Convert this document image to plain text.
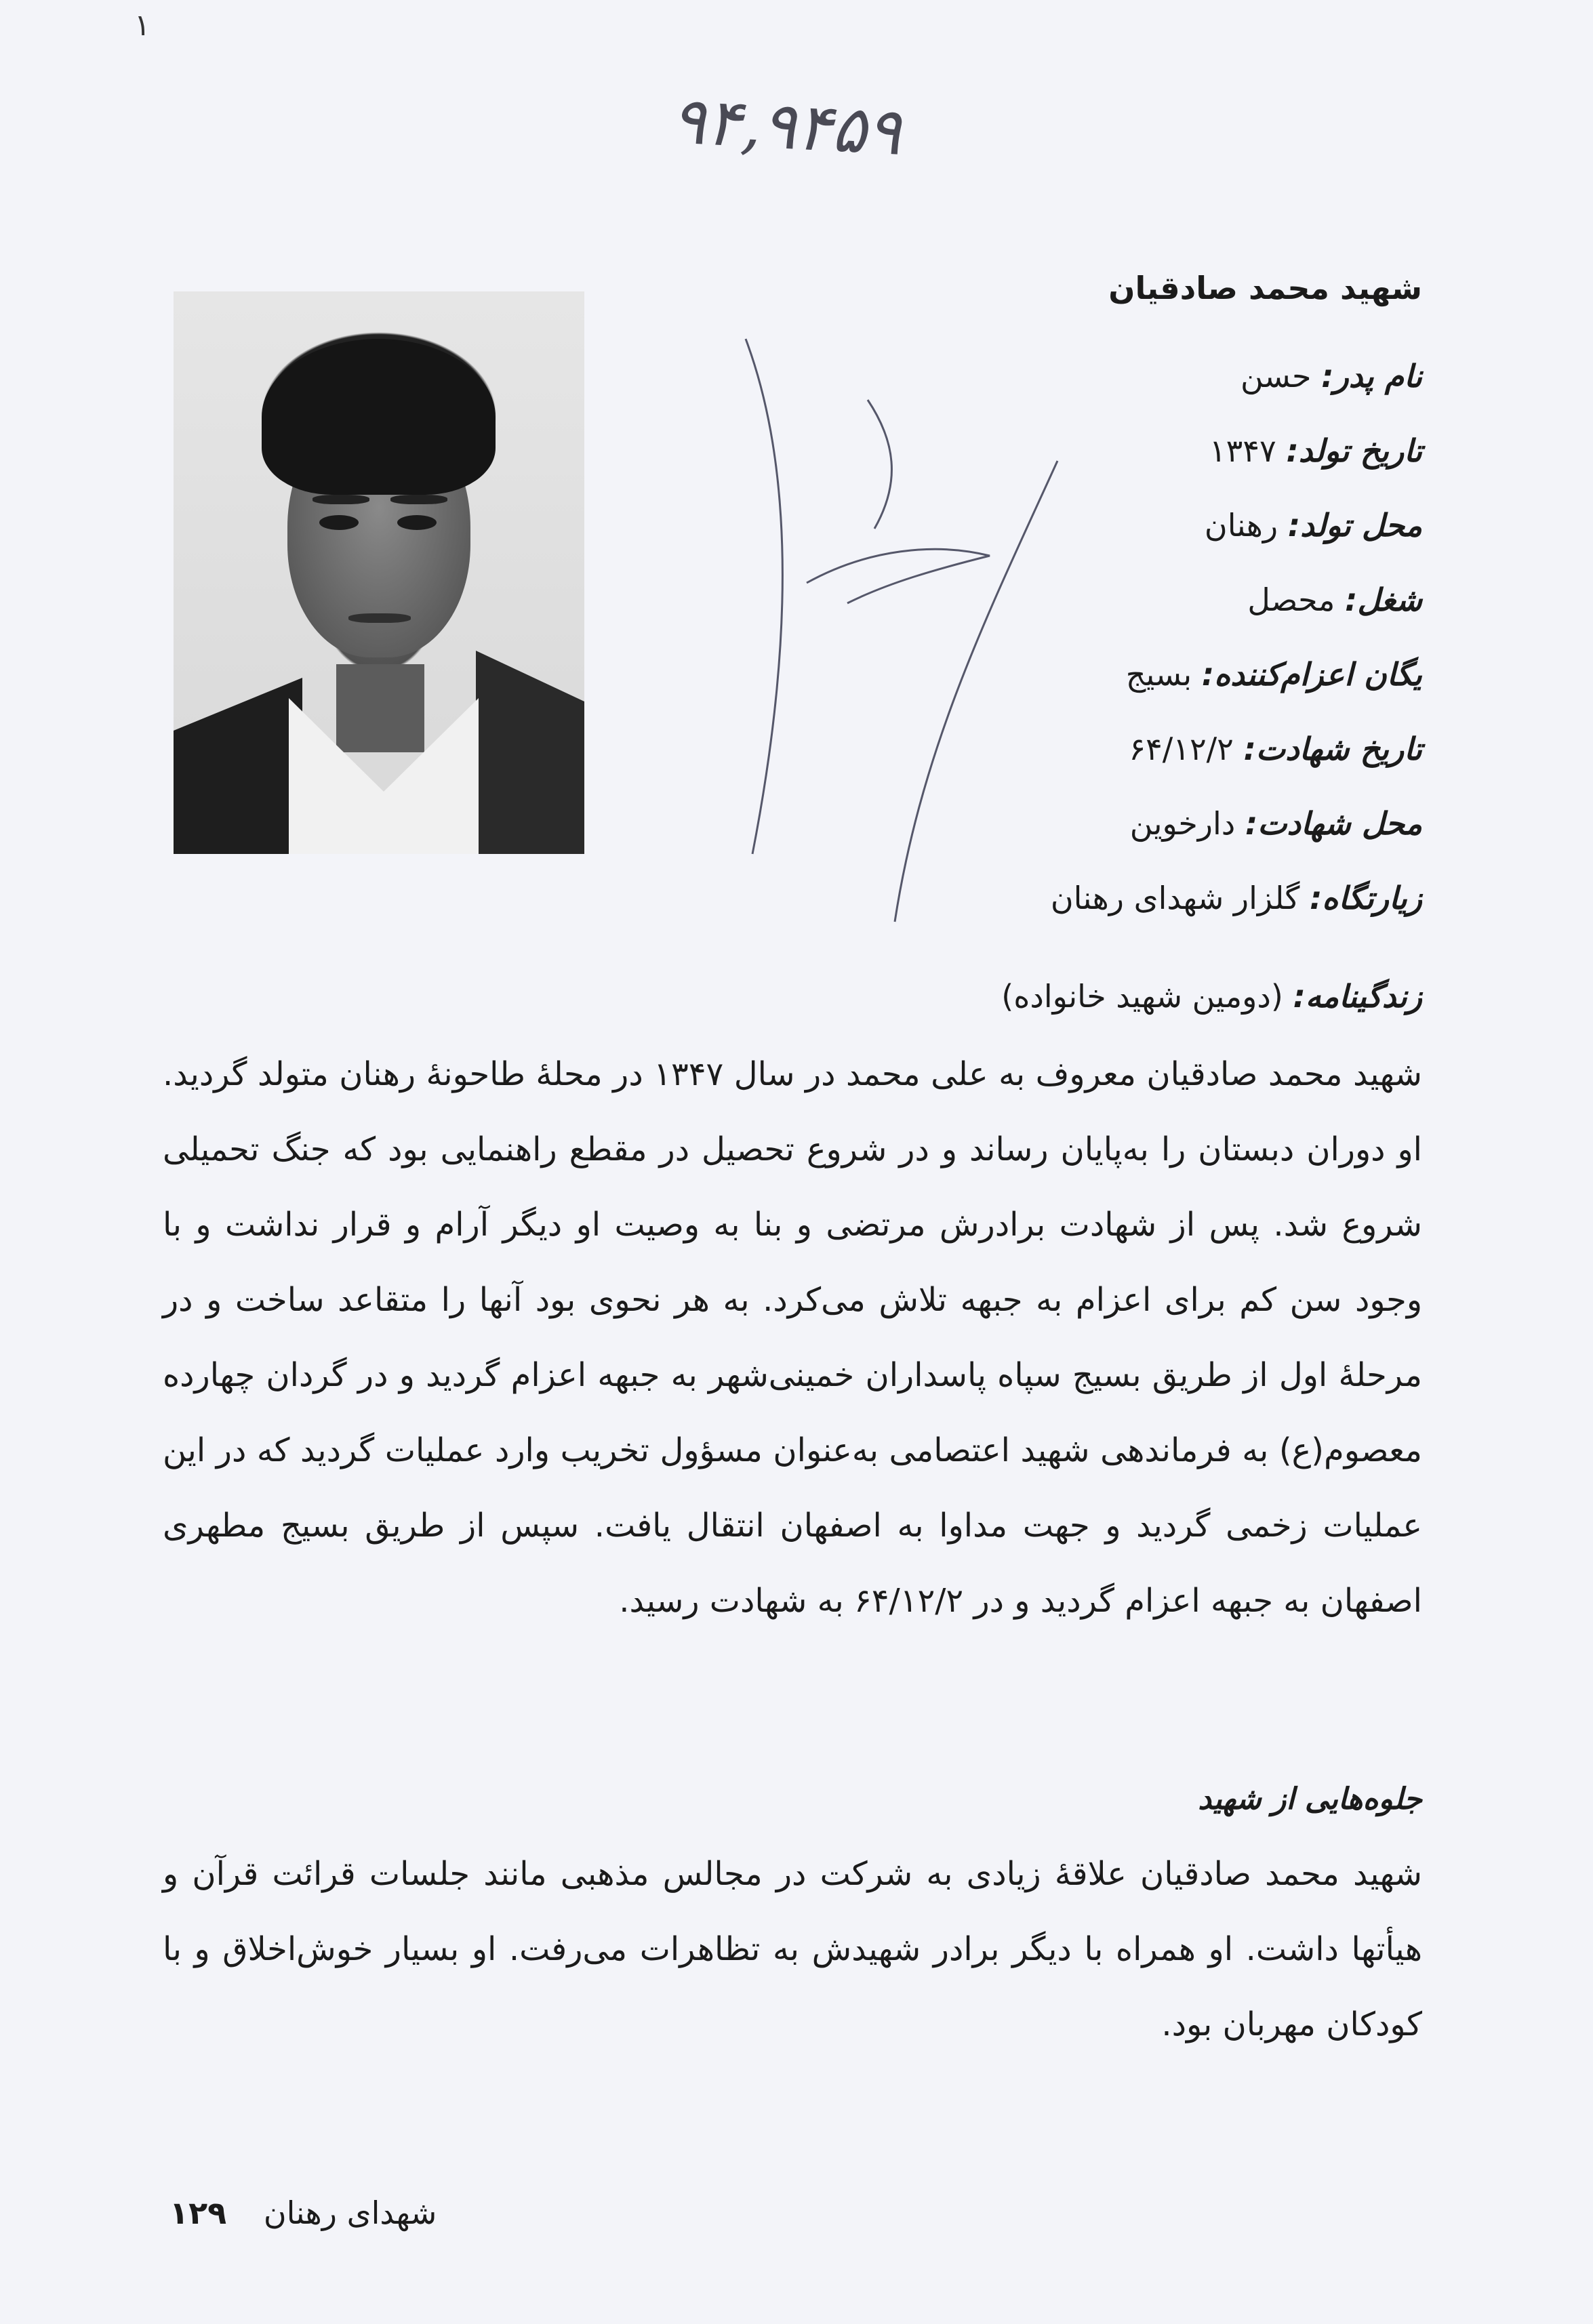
۱
۹۴,۹۴۵۹
شهید محمد صادقیان
نام پدر: حسن
تاریخ تولد: ۱۳۴۷
محل تولد: رهنان
شغل: محصل
یگان اعزام‌کننده: بسیج
تاریخ شهادت: ۶۴/۱۲/۲
محل شهادت: دارخوین
زیارتگاه: گلزار شهدای رهنان
زندگینامه: (دومین شهید خانواده)
شهید محمد صادقیان معروف به علی محمد در سال ۱۳۴۷ در محلهٔ طاحونهٔ رهنان متولد گردید. او دوران دبستان را به‌پایان رساند و در شروع تحصیل در مقطع راهنمایی بود که جنگ تحمیلی شروع شد. پس از شهادت برادرش مرتضی و بنا به وصیت او دیگر آرام و قرار نداشت و با وجود سن کم برای اعزام به جبهه تلاش می‌کرد. به هر نحوی بود آنها را متقاعد ساخت و در مرحلهٔ اول از طریق بسیج سپاه پاسداران خمینی‌شهر به جبهه اعزام گردید و در گردان چهارده معصوم(ع) به فرماندهی شهید اعتصامی به‌عنوان مسؤول تخریب وارد عملیات گردید که در این عملیات زخمی گردید و جهت مداوا به اصفهان انتقال یافت. سپس از طریق بسیج مطهری اصفهان به جبهه اعزام گردید و در ۶۴/۱۲/۲ به شهادت رسید.
جلوه‌هایی از شهید
شهید محمد صادقیان علاقهٔ زیادی به شرکت در مجالس مذهبی مانند جلسات قرائت قرآن و هیأتها داشت. او همراه با دیگر برادر شهیدش به تظاهرات می‌رفت. او بسیار خوش‌اخلاق و با کودکان مهربان بود.
شهدای رهنان ۱۲۹
